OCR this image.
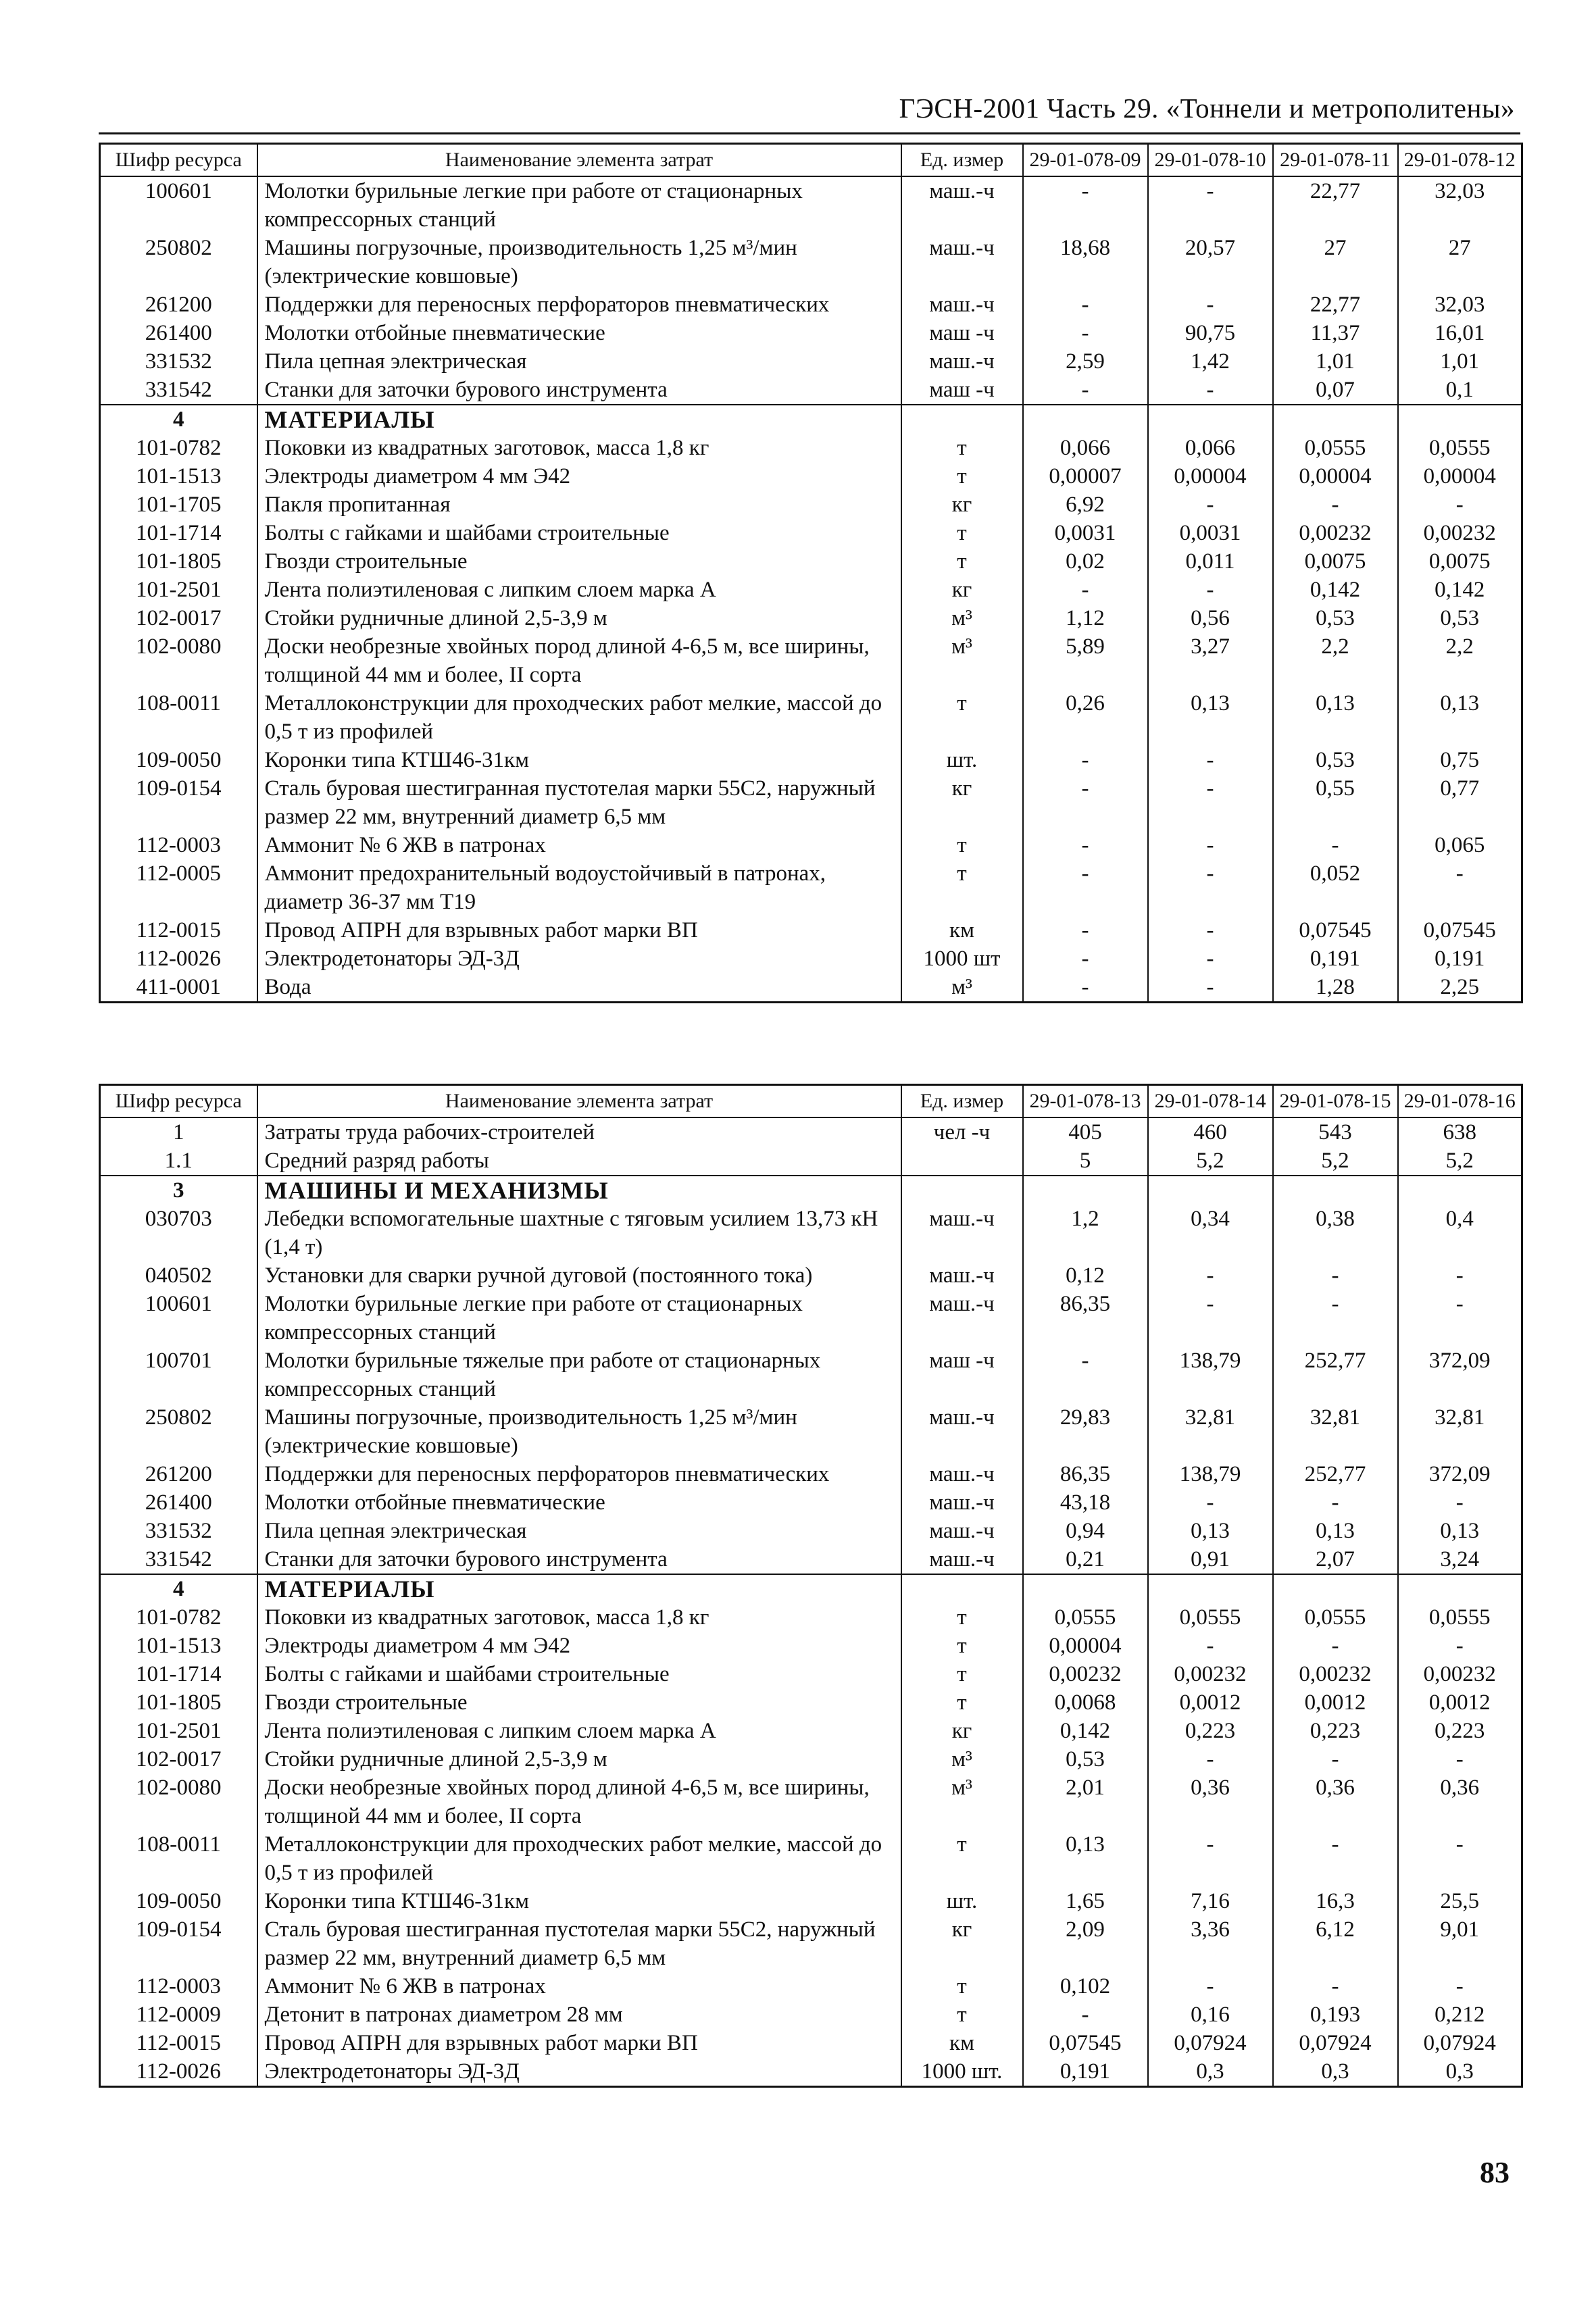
ГЭСН-2001 Часть 29. «Тоннели и метрополитены»
Шифр ресурса	Наименование элемента затрат	Ед. измер	29-01-078-09	29-01-078-10	29-01-078-11	29-01-078-12
100601	Молотки бурильные легкие при работе от стационарных компрессорных станций	маш.-ч	-	-	22,77	32,03
250802	Машины погрузочные, производительность 1,25 м³/мин (электрические ковшовые)	маш.-ч	18,68	20,57	27	27
261200	Поддержки для переносных перфораторов пневматических	маш.-ч	-	-	22,77	32,03
261400	Молотки отбойные пневматические	маш -ч	-	90,75	11,37	16,01
331532	Пила цепная электрическая	маш.-ч	2,59	1,42	1,01	1,01
331542	Станки для заточки бурового инструмента	маш -ч	-	-	0,07	0,1
4	МАТЕРИАЛЫ					
101-0782	Поковки из квадратных заготовок, масса 1,8 кг	т	0,066	0,066	0,0555	0,0555
101-1513	Электроды диаметром 4 мм Э42	т	0,00007	0,00004	0,00004	0,00004
101-1705	Пакля пропитанная	кг	6,92	-	-	-
101-1714	Болты с гайками и шайбами строительные	т	0,0031	0,0031	0,00232	0,00232
101-1805	Гвозди строительные	т	0,02	0,011	0,0075	0,0075
101-2501	Лента полиэтиленовая с липким слоем марка А	кг	-	-	0,142	0,142
102-0017	Стойки рудничные длиной 2,5-3,9 м	м³	1,12	0,56	0,53	0,53
102-0080	Доски необрезные хвойных пород длиной 4-6,5 м, все ширины, толщиной 44 мм и более, II сорта	м³	5,89	3,27	2,2	2,2
108-0011	Металлоконструкции для проходческих работ мелкие, массой до 0,5 т из профилей	т	0,26	0,13	0,13	0,13
109-0050	Коронки типа КТШ46-31км	шт.	-	-	0,53	0,75
109-0154	Сталь буровая шестигранная пустотелая марки 55С2, наружный размер 22 мм, внутренний диаметр 6,5 мм	кг	-	-	0,55	0,77
112-0003	Аммонит № 6 ЖВ в патронах	т	-	-	-	0,065
112-0005	Аммонит предохранительный водоустойчивый в патронах, диаметр 36-37 мм Т19	т	-	-	0,052	-
112-0015	Провод АПРН для взрывных работ марки ВП	км	-	-	0,07545	0,07545
112-0026	Электродетонаторы ЭД-3Д	1000 шт	-	-	0,191	0,191
411-0001	Вода	м³	-	-	1,28	2,25
Шифр ресурса	Наименование элемента затрат	Ед. измер	29-01-078-13	29-01-078-14	29-01-078-15	29-01-078-16
1	Затраты труда рабочих-строителей	чел -ч	405	460	543	638
1.1	Средний разряд работы		5	5,2	5,2	5,2
3	МАШИНЫ И МЕХАНИЗМЫ					
030703	Лебедки вспомогательные шахтные с тяговым усилием 13,73 кН (1,4 т)	маш.-ч	1,2	0,34	0,38	0,4
040502	Установки для сварки ручной дуговой (постоянного тока)	маш.-ч	0,12	-	-	-
100601	Молотки бурильные легкие при работе от стационарных компрессорных станций	маш.-ч	86,35	-	-	-
100701	Молотки бурильные тяжелые при работе от стационарных компрессорных станций	маш -ч	-	138,79	252,77	372,09
250802	Машины погрузочные, производительность 1,25 м³/мин (электрические ковшовые)	маш.-ч	29,83	32,81	32,81	32,81
261200	Поддержки для переносных перфораторов пневматических	маш.-ч	86,35	138,79	252,77	372,09
261400	Молотки отбойные пневматические	маш.-ч	43,18	-	-	-
331532	Пила цепная электрическая	маш.-ч	0,94	0,13	0,13	0,13
331542	Станки для заточки бурового инструмента	маш.-ч	0,21	0,91	2,07	3,24
4	МАТЕРИАЛЫ					
101-0782	Поковки из квадратных заготовок, масса 1,8 кг	т	0,0555	0,0555	0,0555	0,0555
101-1513	Электроды диаметром 4 мм Э42	т	0,00004	-	-	-
101-1714	Болты с гайками и шайбами строительные	т	0,00232	0,00232	0,00232	0,00232
101-1805	Гвозди строительные	т	0,0068	0,0012	0,0012	0,0012
101-2501	Лента полиэтиленовая с липким слоем марка А	кг	0,142	0,223	0,223	0,223
102-0017	Стойки рудничные длиной 2,5-3,9 м	м³	0,53	-	-	-
102-0080	Доски необрезные хвойных пород длиной 4-6,5 м, все ширины, толщиной 44 мм и более, II сорта	м³	2,01	0,36	0,36	0,36
108-0011	Металлоконструкции для проходческих работ мелкие, массой до 0,5 т из профилей	т	0,13	-	-	-
109-0050	Коронки типа КТШ46-31км	шт.	1,65	7,16	16,3	25,5
109-0154	Сталь буровая шестигранная пустотелая марки 55С2, наружный размер 22 мм, внутренний диаметр 6,5 мм	кг	2,09	3,36	6,12	9,01
112-0003	Аммонит № 6 ЖВ в патронах	т	0,102	-	-	-
112-0009	Детонит в патронах диаметром 28 мм	т	-	0,16	0,193	0,212
112-0015	Провод АПРН для взрывных работ марки ВП	км	0,07545	0,07924	0,07924	0,07924
112-0026	Электродетонаторы ЭД-3Д	1000 шт.	0,191	0,3	0,3	0,3
83
